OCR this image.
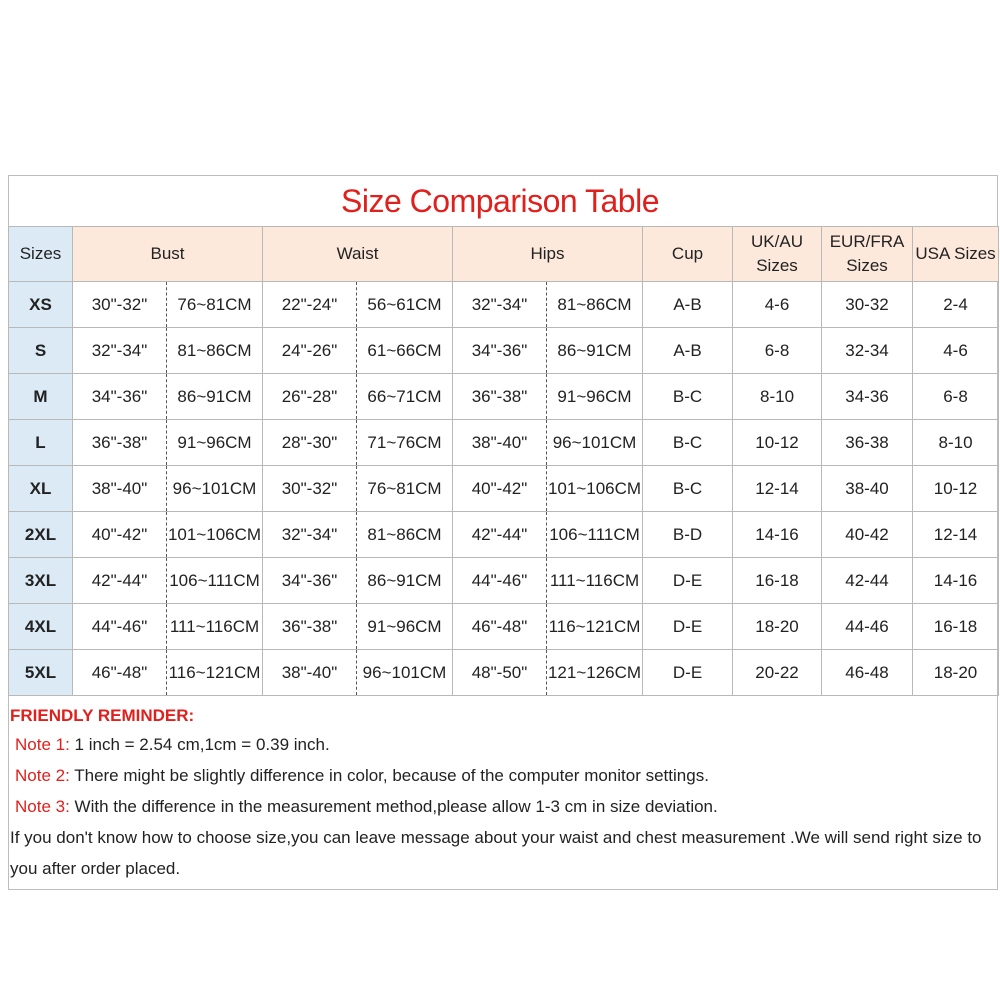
Size Comparison Table
Sizes	Bust		Waist		Hips		Cup	UK/AU Sizes	EUR/FRA Sizes	USA Sizes
XS	30"-32"	76~81CM	22"-24"	56~61CM	32"-34"	81~86CM	A-B	4-6	30-32	2-4
S	32"-34"	81~86CM	24"-26"	61~66CM	34"-36"	86~91CM	A-B	6-8	32-34	4-6
M	34"-36"	86~91CM	26"-28"	66~71CM	36"-38"	91~96CM	B-C	8-10	34-36	6-8
L	36"-38"	91~96CM	28"-30"	71~76CM	38"-40"	96~101CM	B-C	10-12	36-38	8-10
XL	38"-40"	96~101CM	30"-32"	76~81CM	40"-42"	101~106CM	B-C	12-14	38-40	10-12
2XL	40"-42"	101~106CM	32"-34"	81~86CM	42"-44"	106~111CM	B-D	14-16	40-42	12-14
3XL	42"-44"	106~111CM	34"-36"	86~91CM	44"-46"	111~116CM	D-E	16-18	42-44	14-16
4XL	44"-46"	111~116CM	36"-38"	91~96CM	46"-48"	116~121CM	D-E	18-20	44-46	16-18
5XL	46"-48"	116~121CM	38"-40"	96~101CM	48"-50"	121~126CM	D-E	20-22	46-48	18-20
FRIENDLY REMINDER:
Note 1: 1 inch = 2.54 cm,1cm = 0.39 inch.
Note 2: There might be slightly difference in color, because of the computer monitor settings.
Note 3: With the difference in the measurement method,please allow 1-3 cm in size deviation.
If you don't know how to choose size,you can leave message about your waist and chest measurement .We will send right size to you after order placed.
